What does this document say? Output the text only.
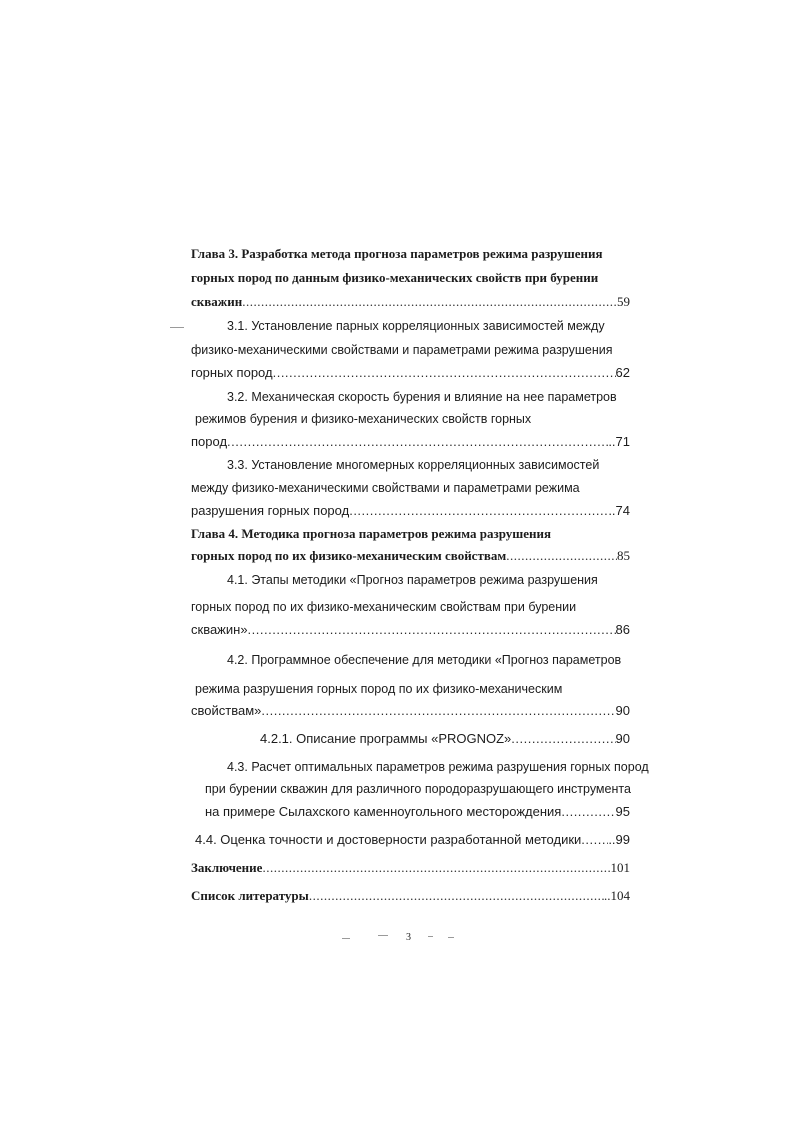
Глава 3. Разработка метода прогноза параметров режима разрушения
горных пород по данным физико-механических свойств при бурении
скважин .....	59
3.1. Установление парных корреляционных зависимостей между
физико-механическими свойствами и параметрами режима разрушения
горных пород .....	62
3.2. Механическая скорость бурения и влияние на нее параметров
режимов бурения и физико-механических свойств горных
пород .....	..71
3.3. Установление многомерных корреляционных зависимостей
между физико-механическими свойствами и параметрами режима
разрушения горных пород .....	..74
Глава 4. Методика прогноза параметров режима разрушения
горных пород по их физико-механическим свойствам .....	85
4.1. Этапы методики «Прогноз параметров режима разрушения
горных пород по их физико-механическим свойствам при бурении
скважин» .....	86
4.2. Программное обеспечение для методики «Прогноз параметров
режима разрушения горных пород по их физико-механическим
свойствам» .....	90
4.2.1. Описание программы «PROGNOZ» .....	90
4.3. Расчет оптимальных параметров режима разрушения горных пород
при бурении скважин для различного породоразрушающего инструмента
на примере Сылахского каменноугольного месторождения .....	95
4.4. Оценка точности и достоверности разработанной методики ..... ..99
Заключение .....	101
Список литературы .....	..104
3
